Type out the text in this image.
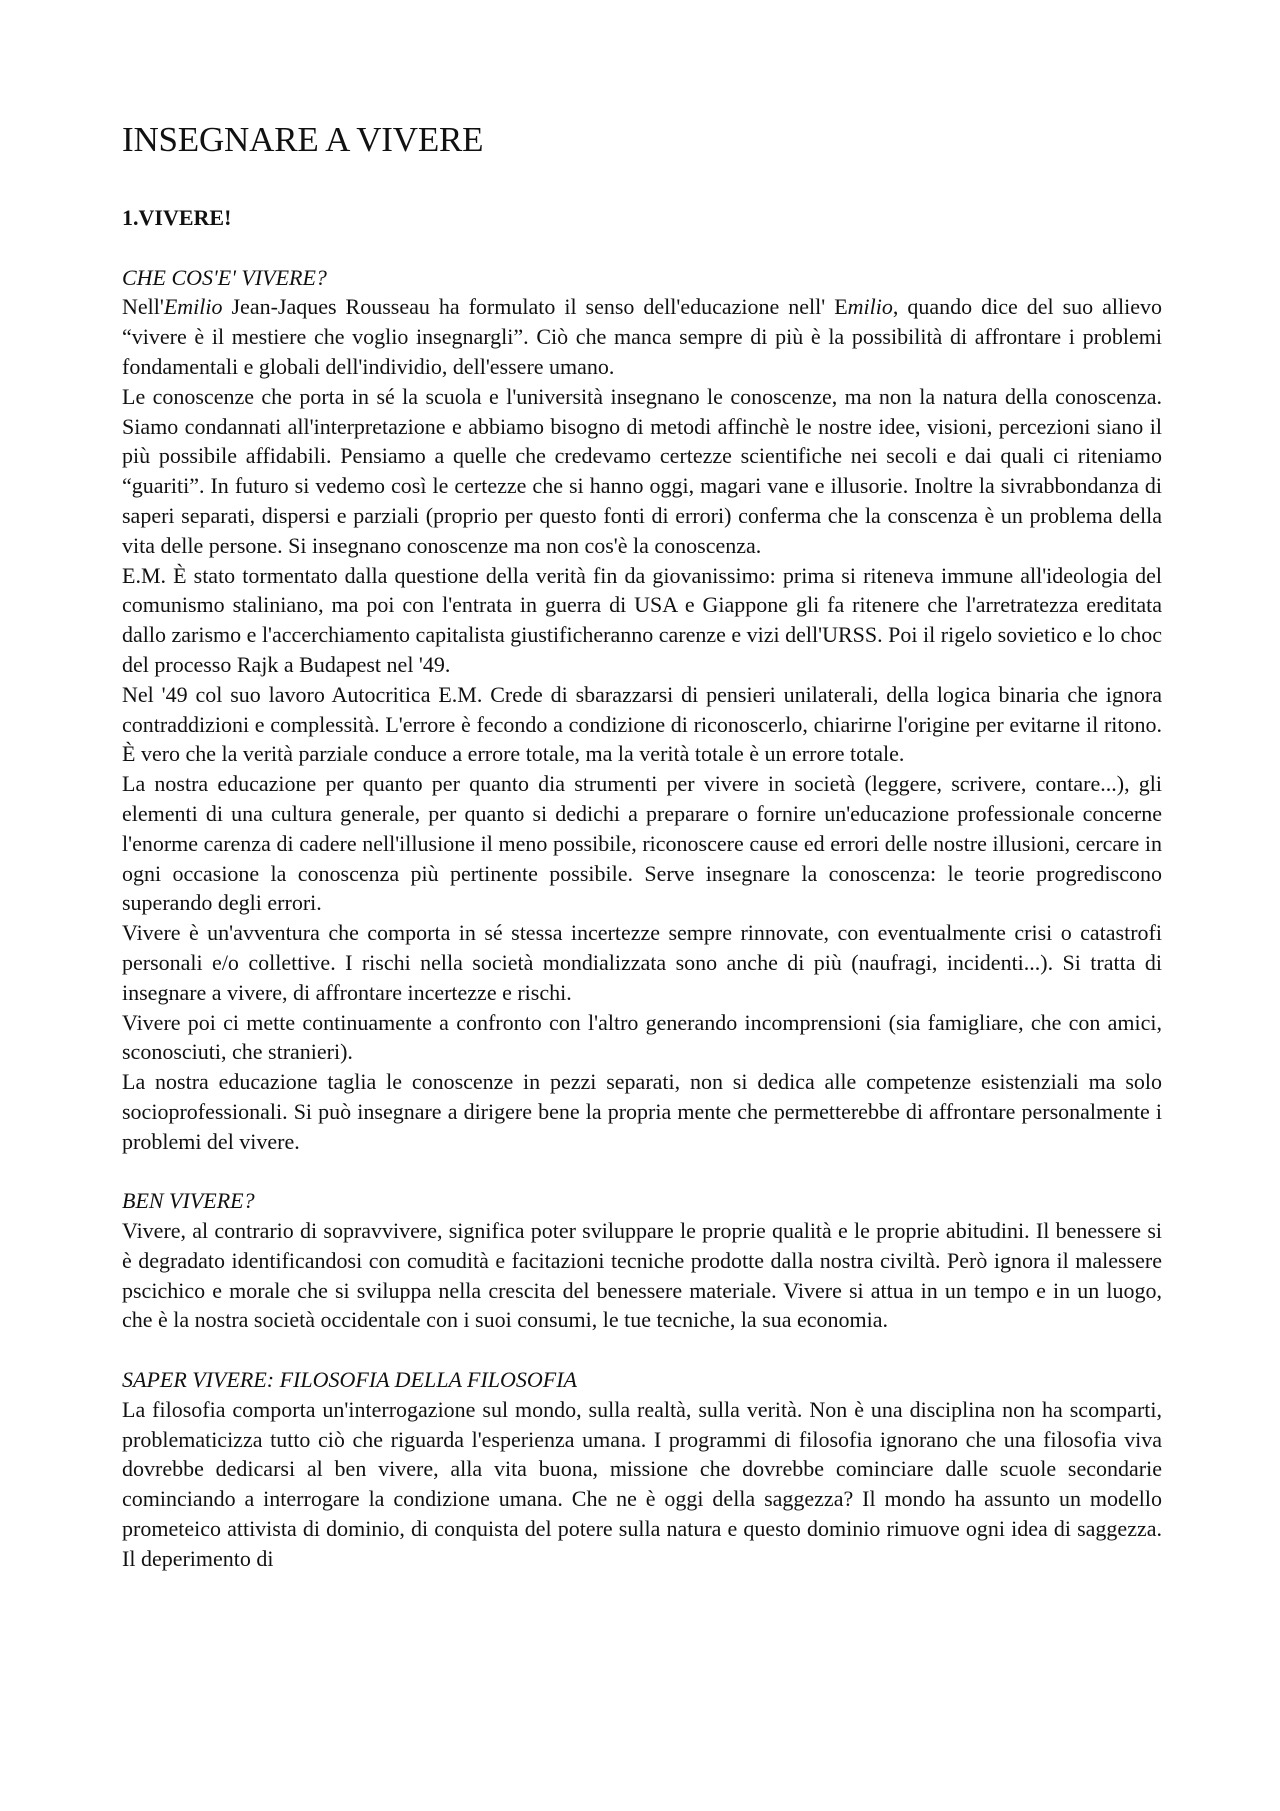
INSEGNARE A VIVERE
1.VIVERE!
CHE COS'E' VIVERE?

Nell'Emilio Jean-Jaques Rousseau ha formulato il senso dell'educazione nell' Emilio, quando dice del suo allievo “vivere è il mestiere che voglio insegnargli”. Ciò che manca sempre di più è la possibilità di affrontare i problemi fondamentali e globali dell'individio, dell'essere umano.

Le conoscenze che porta in sé la scuola e l'università insegnano le conoscenze, ma non la natura della conoscenza. Siamo condannati all'interpretazione e abbiamo bisogno di metodi affinchè le nostre idee, visioni, percezioni siano il più possibile affidabili. Pensiamo a quelle che credevamo certezze scientifiche nei secoli e dai quali ci riteniamo “guariti”. In futuro si vedemo così le certezze che si hanno oggi, magari vane e illusorie. Inoltre la sivrabbondanza di saperi separati, dispersi e parziali (proprio per questo fonti di errori) conferma che la conscenza è un problema della vita delle persone. Si insegnano conoscenze ma non cos'è la conoscenza.

E.M. È stato tormentato dalla questione della verità fin da giovanissimo: prima si riteneva immune all'ideologia del comunismo staliniano, ma poi con l'entrata in guerra di USA e Giappone gli fa ritenere che l'arretratezza ereditata dallo zarismo e l'accerchiamento capitalista giustificheranno carenze e vizi dell'URSS. Poi il rigelo sovietico e lo choc del processo Rajk a Budapest nel '49.

Nel '49 col suo lavoro Autocritica E.M. Crede di sbarazzarsi di pensieri unilaterali, della logica binaria che ignora contraddizioni e complessità. L'errore è fecondo a condizione di riconoscerlo, chiarirne l'origine per evitarne il ritono. È vero che la verità parziale conduce a errore totale, ma la verità totale è un errore totale.

La nostra educazione per quanto per quanto dia strumenti per vivere in società (leggere, scrivere, contare...), gli elementi di una cultura generale, per quanto si dedichi a preparare o fornire un'educazione professionale concerne l'enorme carenza di cadere nell'illusione il meno possibile, riconoscere cause ed errori delle nostre illusioni, cercare in ogni occasione la conoscenza più pertinente possibile. Serve insegnare la conoscenza: le teorie progrediscono superando degli errori.

Vivere è un'avventura che comporta in sé stessa incertezze sempre rinnovate, con eventualmente crisi o catastrofi personali e/o collettive. I rischi nella società mondializzata sono anche di più (naufragi, incidenti...). Si tratta di insegnare a vivere, di affrontare incertezze e rischi.

Vivere poi ci mette continuamente a confronto con l'altro generando incomprensioni (sia famigliare, che con amici, sconosciuti, che stranieri).

La nostra educazione taglia le conoscenze in pezzi separati, non si dedica alle competenze esistenziali ma solo socioprofessionali. Si può insegnare a dirigere bene la propria mente che permetterebbe di affrontare personalmente i problemi del vivere.

BEN VIVERE?

Vivere, al contrario di sopravvivere, significa poter sviluppare le proprie qualità e le proprie abitudini. Il benessere si è degradato identificandosi con comudità e facitazioni tecniche prodotte dalla nostra civiltà. Però ignora il malessere pscichico e morale che si sviluppa nella crescita del benessere materiale. Vivere si attua in un tempo e in un luogo, che è la nostra società occidentale con i suoi consumi, le tue tecniche, la sua economia.

SAPER VIVERE: FILOSOFIA DELLA FILOSOFIA

La filosofia comporta un'interrogazione sul mondo, sulla realtà, sulla verità. Non è una disciplina non ha scomparti, problematicizza tutto ciò che riguarda l'esperienza umana. I programmi di filosofia ignorano che una filosofia viva dovrebbe dedicarsi al ben vivere, alla vita buona, missione che dovrebbe cominciare dalle scuole secondarie cominciando a interrogare la condizione umana. Che ne è oggi della saggezza? Il mondo ha assunto un modello prometeico attivista di dominio, di conquista del potere sulla natura e questo dominio rimuove ogni idea di saggezza. Il deperimento di
